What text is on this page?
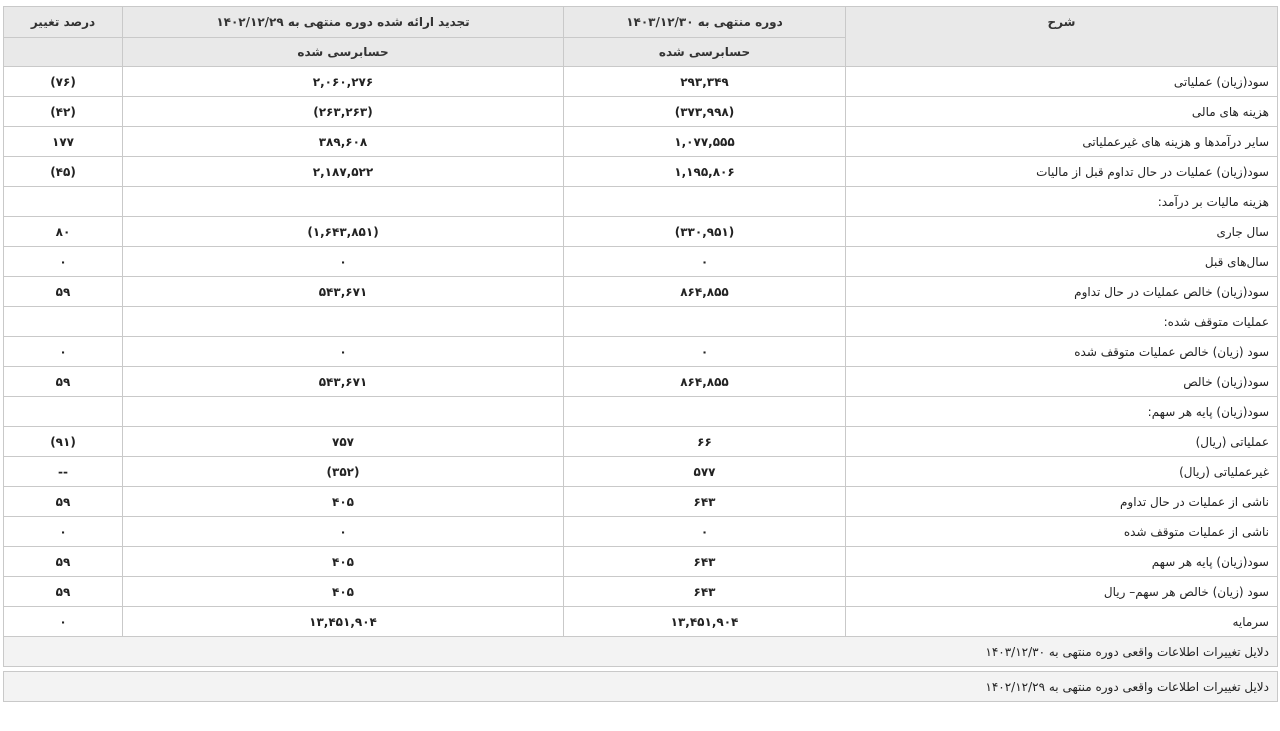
شرح	دوره منتهی به ۱۴۰۳/۱۲/۳۰	تجدید ارائه شده دوره منتهی به ۱۴۰۲/۱۲/۲۹	درصد تغییر
	حسابرسی شده	حسابرسی شده	
سود(زیان) عملیاتی	۲۹۳,۳۴۹	۲,۰۶۰,۲۷۶	(۷۶)
هزینه های مالی	(۳۷۳,۹۹۸)	(۲۶۳,۲۶۳)	(۴۲)
سایر درآمدها و هزینه های غیرعملیاتی	۱,۰۷۷,۵۵۵	۳۸۹,۶۰۸	۱۷۷
سود(زیان) عملیات در حال تداوم قبل از مالیات	۱,۱۹۵,۸۰۶	۲,۱۸۷,۵۲۲	(۴۵)
هزینه مالیات بر درآمد:			
سال جاری	(۳۳۰,۹۵۱)	(۱,۶۴۳,۸۵۱)	۸۰
سال‌های قبل	۰	۰	۰
سود(زیان) خالص عملیات در حال تداوم	۸۶۴,۸۵۵	۵۴۳,۶۷۱	۵۹
عملیات متوقف شده:			
سود (زیان) خالص عملیات متوقف شده	۰	۰	۰
سود(زیان) خالص	۸۶۴,۸۵۵	۵۴۳,۶۷۱	۵۹
سود(زیان) پایه هر سهم:			
عملیاتی (ریال)	۶۶	۷۵۷	(۹۱)
غیرعملیاتی (ریال)	۵۷۷	(۳۵۲)	--
ناشی از عملیات در حال تداوم	۶۴۳	۴۰۵	۵۹
ناشی از عملیات متوقف شده	۰	۰	۰
سود(زیان) پایه هر سهم	۶۴۳	۴۰۵	۵۹
سود (زیان) خالص هر سهم– ریال	۶۴۳	۴۰۵	۵۹
سرمایه	۱۳,۴۵۱,۹۰۴	۱۳,۴۵۱,۹۰۴	۰
دلایل تغییرات اطلاعات واقعی دوره منتهی به ۱۴۰۳/۱۲/۳۰			

دلایل تغییرات اطلاعات واقعی دوره منتهی به ۱۴۰۲/۱۲/۲۹			
